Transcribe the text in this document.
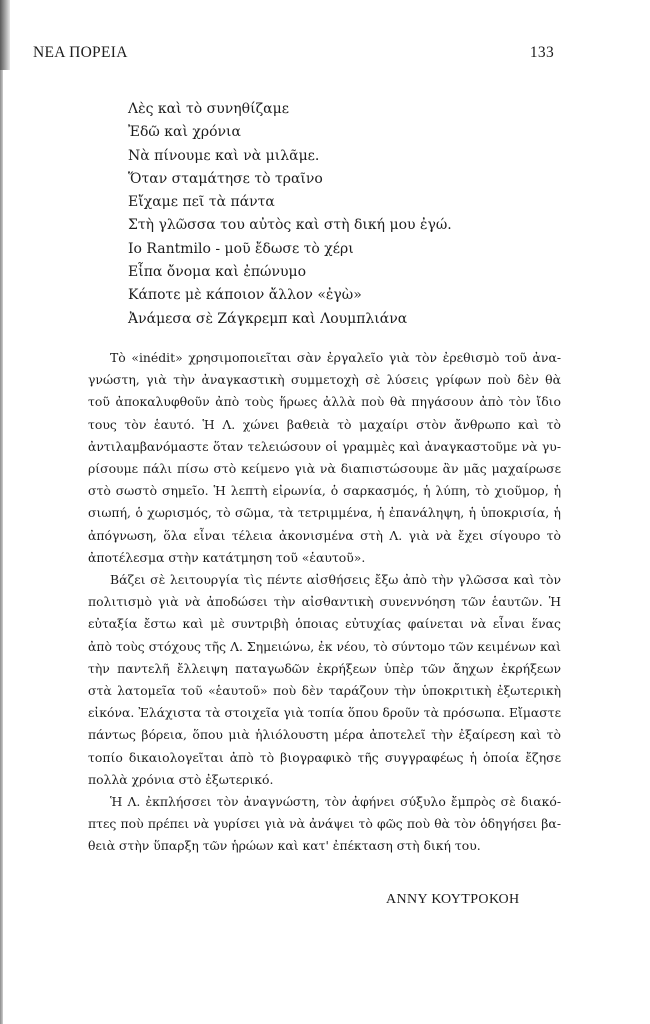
ΝΕΑ ΠΟΡΕΙΑ	133
Λὲς καὶ τὸ συνηθίζαμε
Ἐδῶ καὶ χρόνια
Νὰ πίνουμε καὶ νὰ μιλᾶμε.
Ὅταν σταμάτησε τὸ τραῖνο
Εἴχαμε πεῖ τὰ πάντα
Στὴ γλῶσσα του αὐτὸς καὶ στὴ δική μου ἐγώ.
Io Rantmilo - μοῦ ἔδωσε τὸ χέρι
Εἶπα ὄνομα καὶ ἐπώνυμο
Κάποτε μὲ κάποιον ἄλλον «ἐγὼ»
Ἀνάμεσα σὲ Ζάγκρεμπ καὶ Λουμπλιάνα

Τὸ «inédit» χρησιμοποιεῖται σὰν ἐργαλεῖο γιὰ τὸν ἐρεθισμὸ τοῦ ἀναγνώστη, γιὰ τὴν ἀναγκαστικὴ συμμετοχὴ σὲ λύσεις γρίφων ποὺ δὲν θὰ τοῦ ἀποκαλυφθοῦν ἀπὸ τοὺς ἥρωες ἀλλὰ ποὺ θὰ πηγάσουν ἀπὸ τὸν ἴδιο τους τὸν ἑαυτό. Ἡ Λ. χώνει βαθειὰ τὸ μαχαίρι στὸν ἄνθρωπο καὶ τὸ ἀντιλαμβανόμαστε ὅταν τελειώσουν οἱ γραμμὲς καὶ ἀναγκαστοῦμε νὰ γυρίσουμε πάλι πίσω στὸ κείμενο γιὰ νὰ διαπιστώσουμε ἂν μᾶς μαχαίρωσε στὸ σωστὸ σημεῖο. Ἡ λεπτὴ εἰρωνία, ὁ σαρκασμός, ἡ λύπη, τὸ χιοῦμορ, ἡ σιωπή, ὁ χωρισμός, τὸ σῶμα, τὰ τετριμμένα, ἡ ἐπανάληψη, ἡ ὑποκρισία, ἡ ἀπόγνωση, ὅλα εἶναι τέλεια ἀκονισμένα στὴ Λ. γιὰ νὰ ἔχει σίγουρο τὸ ἀποτέλεσμα στὴν κατάτμηση τοῦ «ἑαυτοῦ».

Βάζει σὲ λειτουργία τὶς πέντε αἰσθήσεις ἔξω ἀπὸ τὴν γλῶσσα καὶ τὸν πολιτισμὸ γιὰ νὰ ἀποδώσει τὴν αἰσθαντικὴ συνεννόηση τῶν ἑαυτῶν. Ἡ εὐταξία ἔστω καὶ μὲ συντριβὴ ὁποιας εὐτυχίας φαίνεται νὰ εἶναι ἕνας ἀπὸ τοὺς στόχους τῆς Λ. Σημειώνω, ἐκ νέου, τὸ σύντομο τῶν κειμένων καὶ τὴν παντελῆ ἔλλειψη παταγωδῶν ἐκρήξεων ὑπὲρ τῶν ἄηχων ἐκρήξεων στὰ λατομεῖα τοῦ «ἑαυτοῦ» ποὺ δὲν ταράζουν τὴν ὑποκριτικὴ ἐξωτερικὴ εἰκόνα. Ἐλάχιστα τὰ στοιχεῖα γιὰ τοπία ὅπου δροῦν τὰ πρόσωπα. Εἴμαστε πάντως βόρεια, ὅπου μιὰ ἡλιόλουστη μέρα ἀποτελεῖ τὴν ἐξαίρεση καὶ τὸ τοπίο δικαιολογεῖται ἀπὸ τὸ βιογραφικὸ τῆς συγγραφέως ἡ ὁποία ἔζησε πολλὰ χρόνια στὸ ἐξωτερικό.

Ἡ Λ. ἐκπλήσσει τὸν ἀναγνώστη, τὸν ἀφήνει σύξυλο ἔμπρὸς σὲ διακόπτες ποὺ πρέπει νὰ γυρίσει γιὰ νὰ ἀνάψει τὸ φῶς ποὺ θὰ τὸν ὁδηγήσει βαθειὰ στὴν ὕπαρξη τῶν ἡρώων καὶ κατ' ἐπέκταση στὴ δική του.

ΑΝΝΥ ΚΟΥΤΡΟΚΟΗ
